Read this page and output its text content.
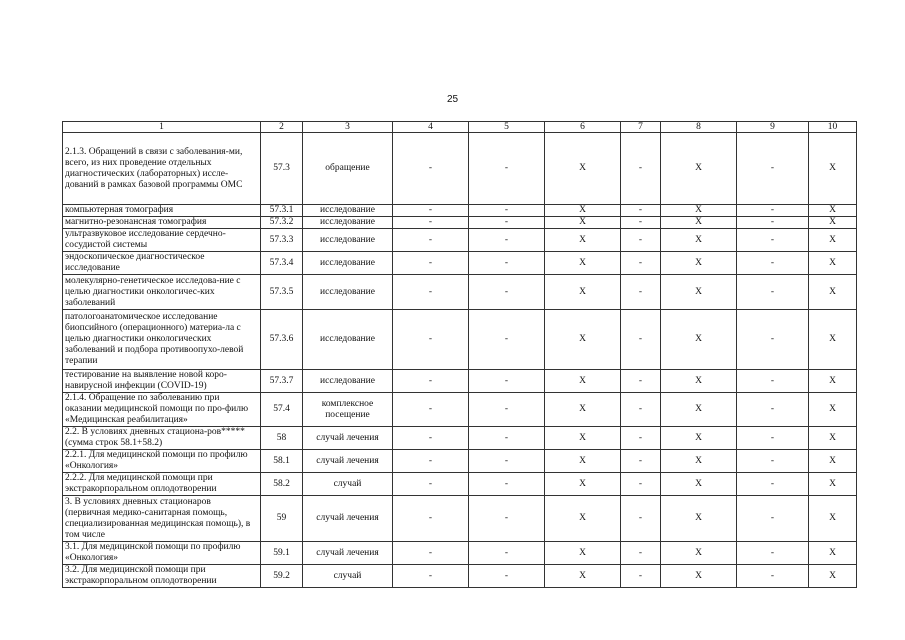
25
1	2	3	4	5	6	7	8	9	10
2.1.3. Обращений в связи с заболевания-ми, всего, из них проведение отдельных диагностических (лабораторных) иссле-дований в рамках базовой программы ОМС	57.3	обращение	-	-	X	-	X	-	X
компьютерная томография	57.3.1	исследование	-	-	X	-	X	-	X
магнитно-резонансная томография	57.3.2	исследование	-	-	X	-	X	-	X
ультразвуковое исследование сердечно-сосудистой системы	57.3.3	исследование	-	-	X	-	X	-	X
эндоскопическое диагностическое исследование	57.3.4	исследование	-	-	X	-	X	-	X
молекулярно-генетическое исследова-ние с целью диагностики онкологичес-ких заболеваний	57.3.5	исследование	-	-	X	-	X	-	X
патологоанатомическое исследование биопсийного (операционного) материа-ла с целью диагностики онкологических заболеваний и подбора противоопухо-левой терапии	57.3.6	исследование	-	-	X	-	X	-	X
тестирование на выявление новой коро-навирусной инфекции (COVID-19)	57.3.7	исследование	-	-	X	-	X	-	X
2.1.4. Обращение по заболеванию при оказании медицинской помощи по про-филю «Медицинская реабилитация»	57.4	комплексное посещение	-	-	X	-	X	-	X
2.2. В условиях дневных стациона-ров***** (сумма строк 58.1+58.2)	58	случай лечения	-	-	X	-	X	-	X
2.2.1. Для медицинской помощи по профилю «Онкология»	58.1	случай лечения	-	-	X	-	X	-	X
2.2.2. Для медицинской помощи при экстракорпоральном оплодотворении	58.2	случай	-	-	X	-	X	-	X
3. В условиях дневных стационаров (первичная медико-санитарная помощь, специализированная медицинская помощь), в том числе	59	случай лечения	-	-	X	-	X	-	X
3.1. Для медицинской помощи по профилю «Онкология»	59.1	случай лечения	-	-	X	-	X	-	X
3.2. Для медицинской помощи при экстракорпоральном оплодотворении	59.2	случай	-	-	X	-	X	-	X
